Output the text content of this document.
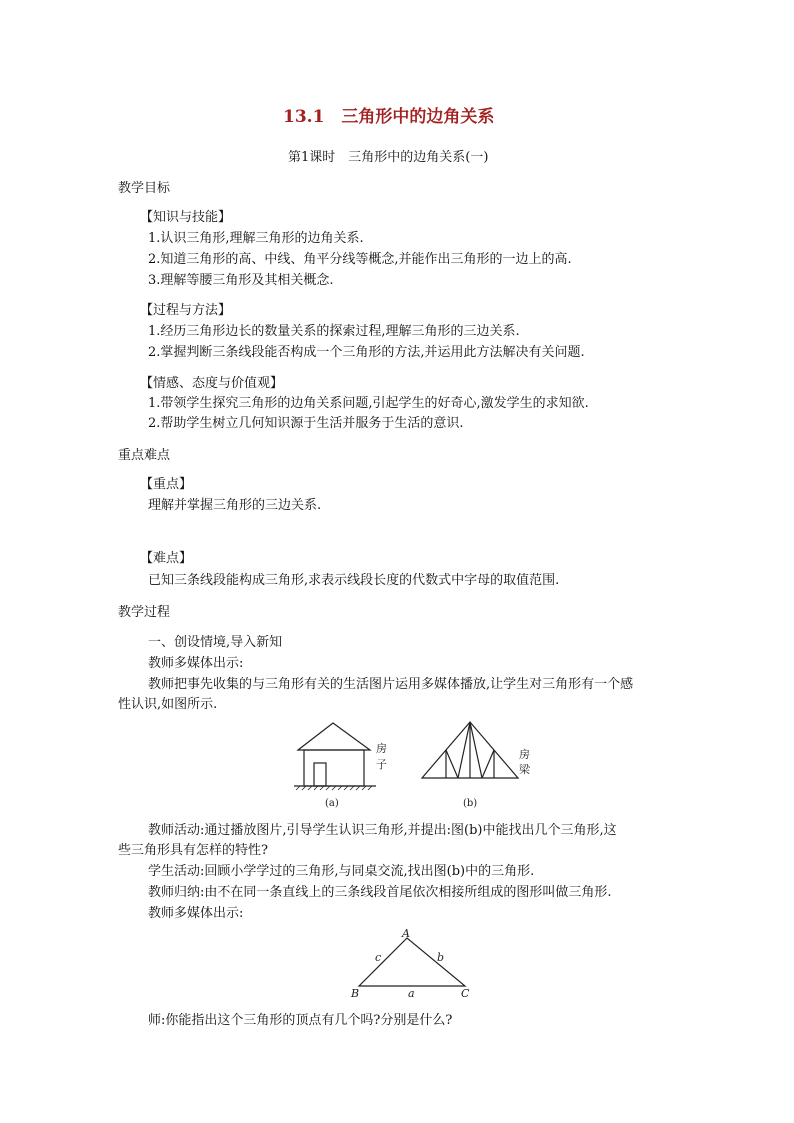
13.1　三角形中的边角关系
第1课时　三角形中的边角关系(一)
教学目标
【知识与技能】
1.认识三角形,理解三角形的边角关系.
2.知道三角形的高、中线、角平分线等概念,并能作出三角形的一边上的高.
3.理解等腰三角形及其相关概念.
【过程与方法】
1.经历三角形边长的数量关系的探索过程,理解三角形的三边关系.
2.掌握判断三条线段能否构成一个三角形的方法,并运用此方法解决有关问题.
【情感、态度与价值观】
1.带领学生探究三角形的边角关系问题,引起学生的好奇心,激发学生的求知欲.
2.帮助学生树立几何知识源于生活并服务于生活的意识.
重点难点
【重点】
理解并掌握三角形的三边关系.
【难点】
已知三条线段能构成三角形,求表示线段长度的代数式中字母的取值范围.
教学过程
一、创设情境,导入新知
教师多媒体出示:
教师把事先收集的与三角形有关的生活图片运用多媒体播放,让学生对三角形有一个感
性认识,如图所示.
房
子
房
梁
(a)	(b)
教师活动:通过播放图片,引导学生认识三角形,并提出:图(b)中能找出几个三角形,这
些三角形具有怎样的特性?
学生活动:回顾小学学过的三角形,与同桌交流,找出图(b)中的三角形.
教师归纳:由不在同一条直线上的三条线段首尾依次相接所组成的图形叫做三角形.
教师多媒体出示:
A
B	C
a
b
c
师:你能指出这个三角形的顶点有几个吗?分别是什么?
